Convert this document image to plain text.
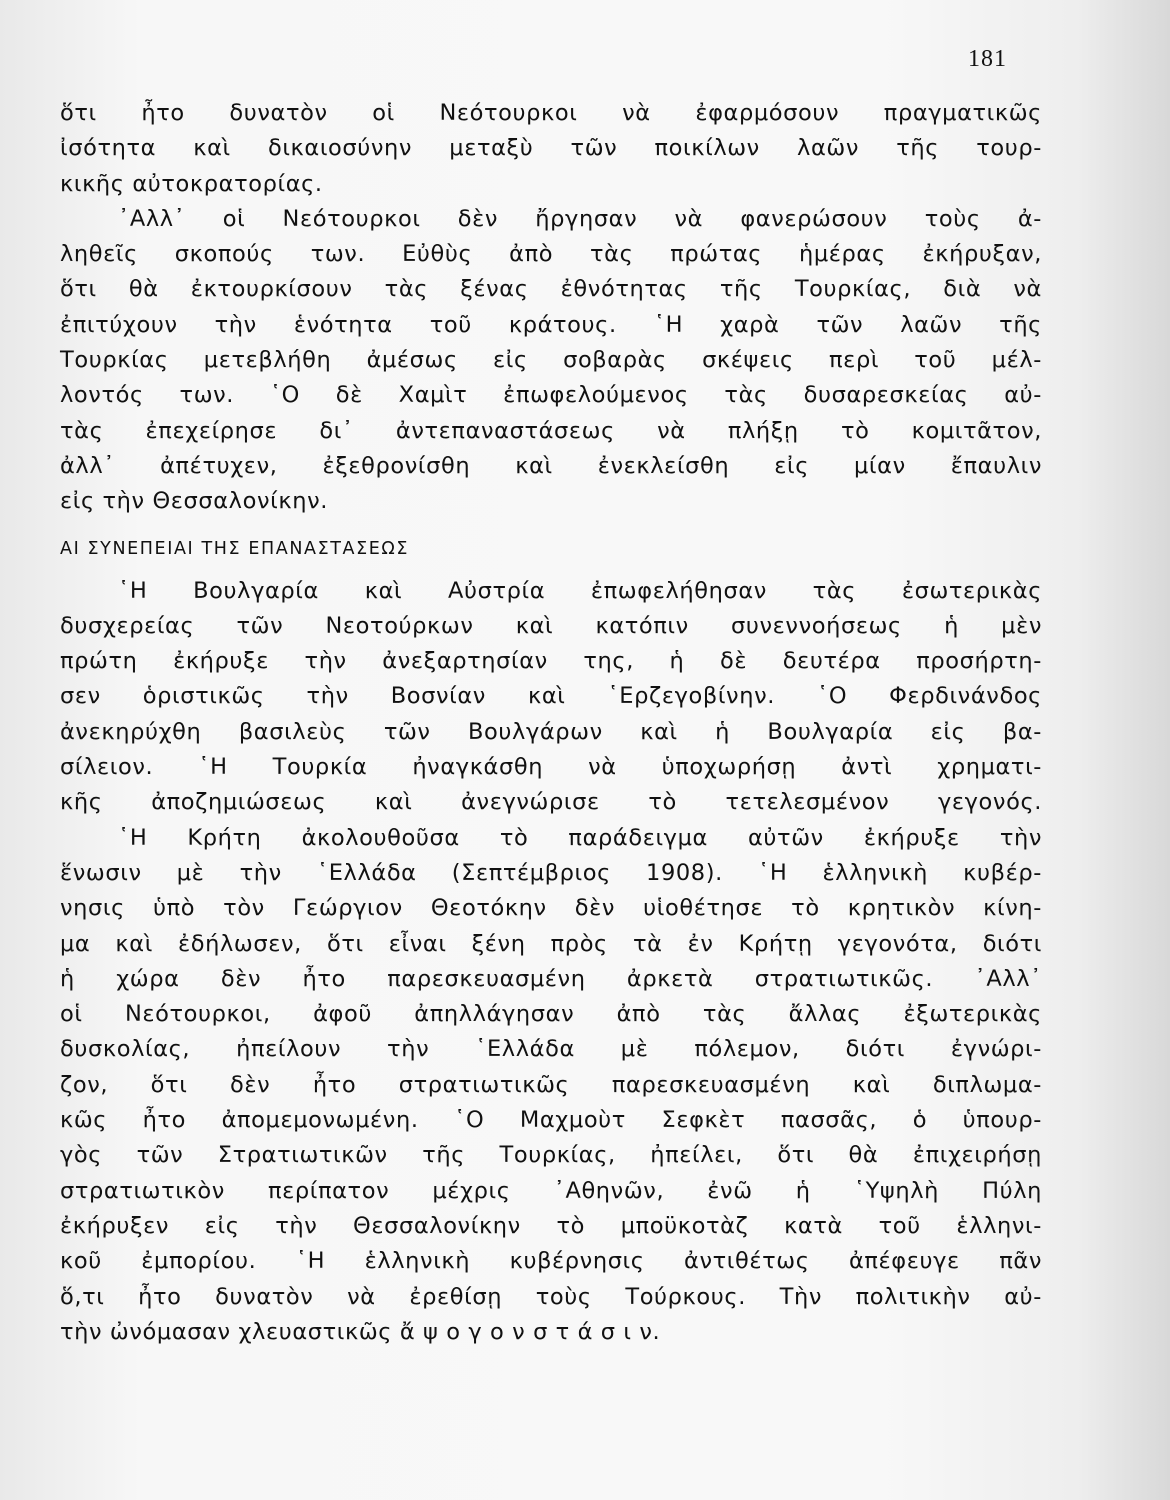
181
ὅτι ἦτο δυνατὸν οἱ Νεότουρκοι νὰ ἐφαρμόσουν πραγματικῶς
ἰσότητα καὶ δικαιοσύνην μεταξὺ τῶν ποικίλων λαῶν τῆς τουρ-
κικῆς αὐτοκρατορίας.
᾿Αλλ᾿ οἱ Νεότουρκοι δὲν ἤργησαν νὰ φανερώσουν τοὺς ἀ-
ληθεῖς σκοπούς των. Εὐθὺς ἀπὸ τὰς πρώτας ἡμέρας ἐκήρυξαν,
ὅτι θὰ ἐκτουρκίσουν τὰς ξένας ἐθνότητας τῆς Τουρκίας, διὰ νὰ
ἐπιτύχουν τὴν ἑνότητα τοῦ κράτους. ῾Η χαρὰ τῶν λαῶν τῆς
Τουρκίας μετεβλήθη ἀμέσως εἰς σοβαρὰς σκέψεις περὶ τοῦ μέλ-
λοντός των. ῾Ο δὲ Χαμὶτ ἐπωφελούμενος τὰς δυσαρεσκείας αὐ-
τὰς ἐπεχείρησε δι᾿ ἀντεπαναστάσεως νὰ πλήξῃ τὸ κομιτᾶτον,
ἀλλ᾿ ἀπέτυχεν, ἐξεθρονίσθη καὶ ἐνεκλείσθη εἰς μίαν ἔπαυλιν
εἰς τὴν Θεσσαλονίκην.
ΑΙ ΣΥΝΕΠΕΙΑΙ ΤΗΣ ΕΠΑΝΑΣΤΑΣΕΩΣ
῾Η Βουλγαρία καὶ Αὐστρία ἐπωφελήθησαν τὰς ἐσωτερικὰς
δυσχερείας τῶν Νεοτούρκων καὶ κατόπιν συνεννοήσεως ἡ μὲν
πρώτη ἐκήρυξε τὴν ἀνεξαρτησίαν της, ἡ δὲ δευτέρα προσήρτη-
σεν ὁριστικῶς τὴν Βοσνίαν καὶ ῾Ερζεγοβίνην. ῾Ο Φερδινάνδος
ἀνεκηρύχθη βασιλεὺς τῶν Βουλγάρων καὶ ἡ Βουλγαρία εἰς βα-
σίλειον. ῾Η Τουρκία ἠναγκάσθη νὰ ὑποχωρήσῃ ἀντὶ χρηματι-
κῆς ἀποζημιώσεως καὶ ἀνεγνώρισε τὸ τετελεσμένον γεγονός.
῾Η Κρήτη ἀκολουθοῦσα τὸ παράδειγμα αὐτῶν ἐκήρυξε τὴν
ἕνωσιν μὲ τὴν ῾Ελλάδα (Σεπτέμβριος 1908). ῾Η ἑλληνικὴ κυβέρ-
νησις ὑπὸ τὸν Γεώργιον Θεοτόκην δὲν υἱοθέτησε τὸ κρητικὸν κίνη-
μα καὶ ἐδήλωσεν, ὅτι εἶναι ξένη πρὸς τὰ ἐν Κρήτῃ γεγονότα, διότι
ἡ χώρα δὲν ἦτο παρεσκευασμένη ἀρκετὰ στρατιωτικῶς. ᾿Αλλ᾿
οἱ Νεότουρκοι, ἀφοῦ ἀπηλλάγησαν ἀπὸ τὰς ἄλλας ἐξωτερικὰς
δυσκολίας, ἠπείλουν τὴν ῾Ελλάδα μὲ πόλεμον, διότι ἐγνώρι-
ζον, ὅτι δὲν ἦτο στρατιωτικῶς παρεσκευασμένη καὶ διπλωμα-
κῶς ἦτο ἀπομεμονωμένη. ῾Ο Μαχμοὺτ Σεφκὲτ πασσᾶς, ὁ ὑπουρ-
γὸς τῶν Στρατιωτικῶν τῆς Τουρκίας, ἠπείλει, ὅτι θὰ ἐπιχειρήσῃ
στρατιωτικὸν περίπατον μέχρις ᾿Αθηνῶν, ἐνῶ ἡ ῾Υψηλὴ Πύλη
ἐκήρυξεν εἰς τὴν Θεσσαλονίκην τὸ μποϋκοτὰζ κατὰ τοῦ ἑλληνι-
κοῦ ἐμπορίου. ῾Η ἑλληνικὴ κυβέρνησις ἀντιθέτως ἀπέφευγε πᾶν
ὅ,τι ἦτο δυνατὸν νὰ ἐρεθίσῃ τοὺς Τούρκους. Τὴν πολιτικὴν αὐ-
τὴν ὠνόμασαν χλευαστικῶς ἄ ψ ο γ ο ν σ τ ά σ ι ν.
